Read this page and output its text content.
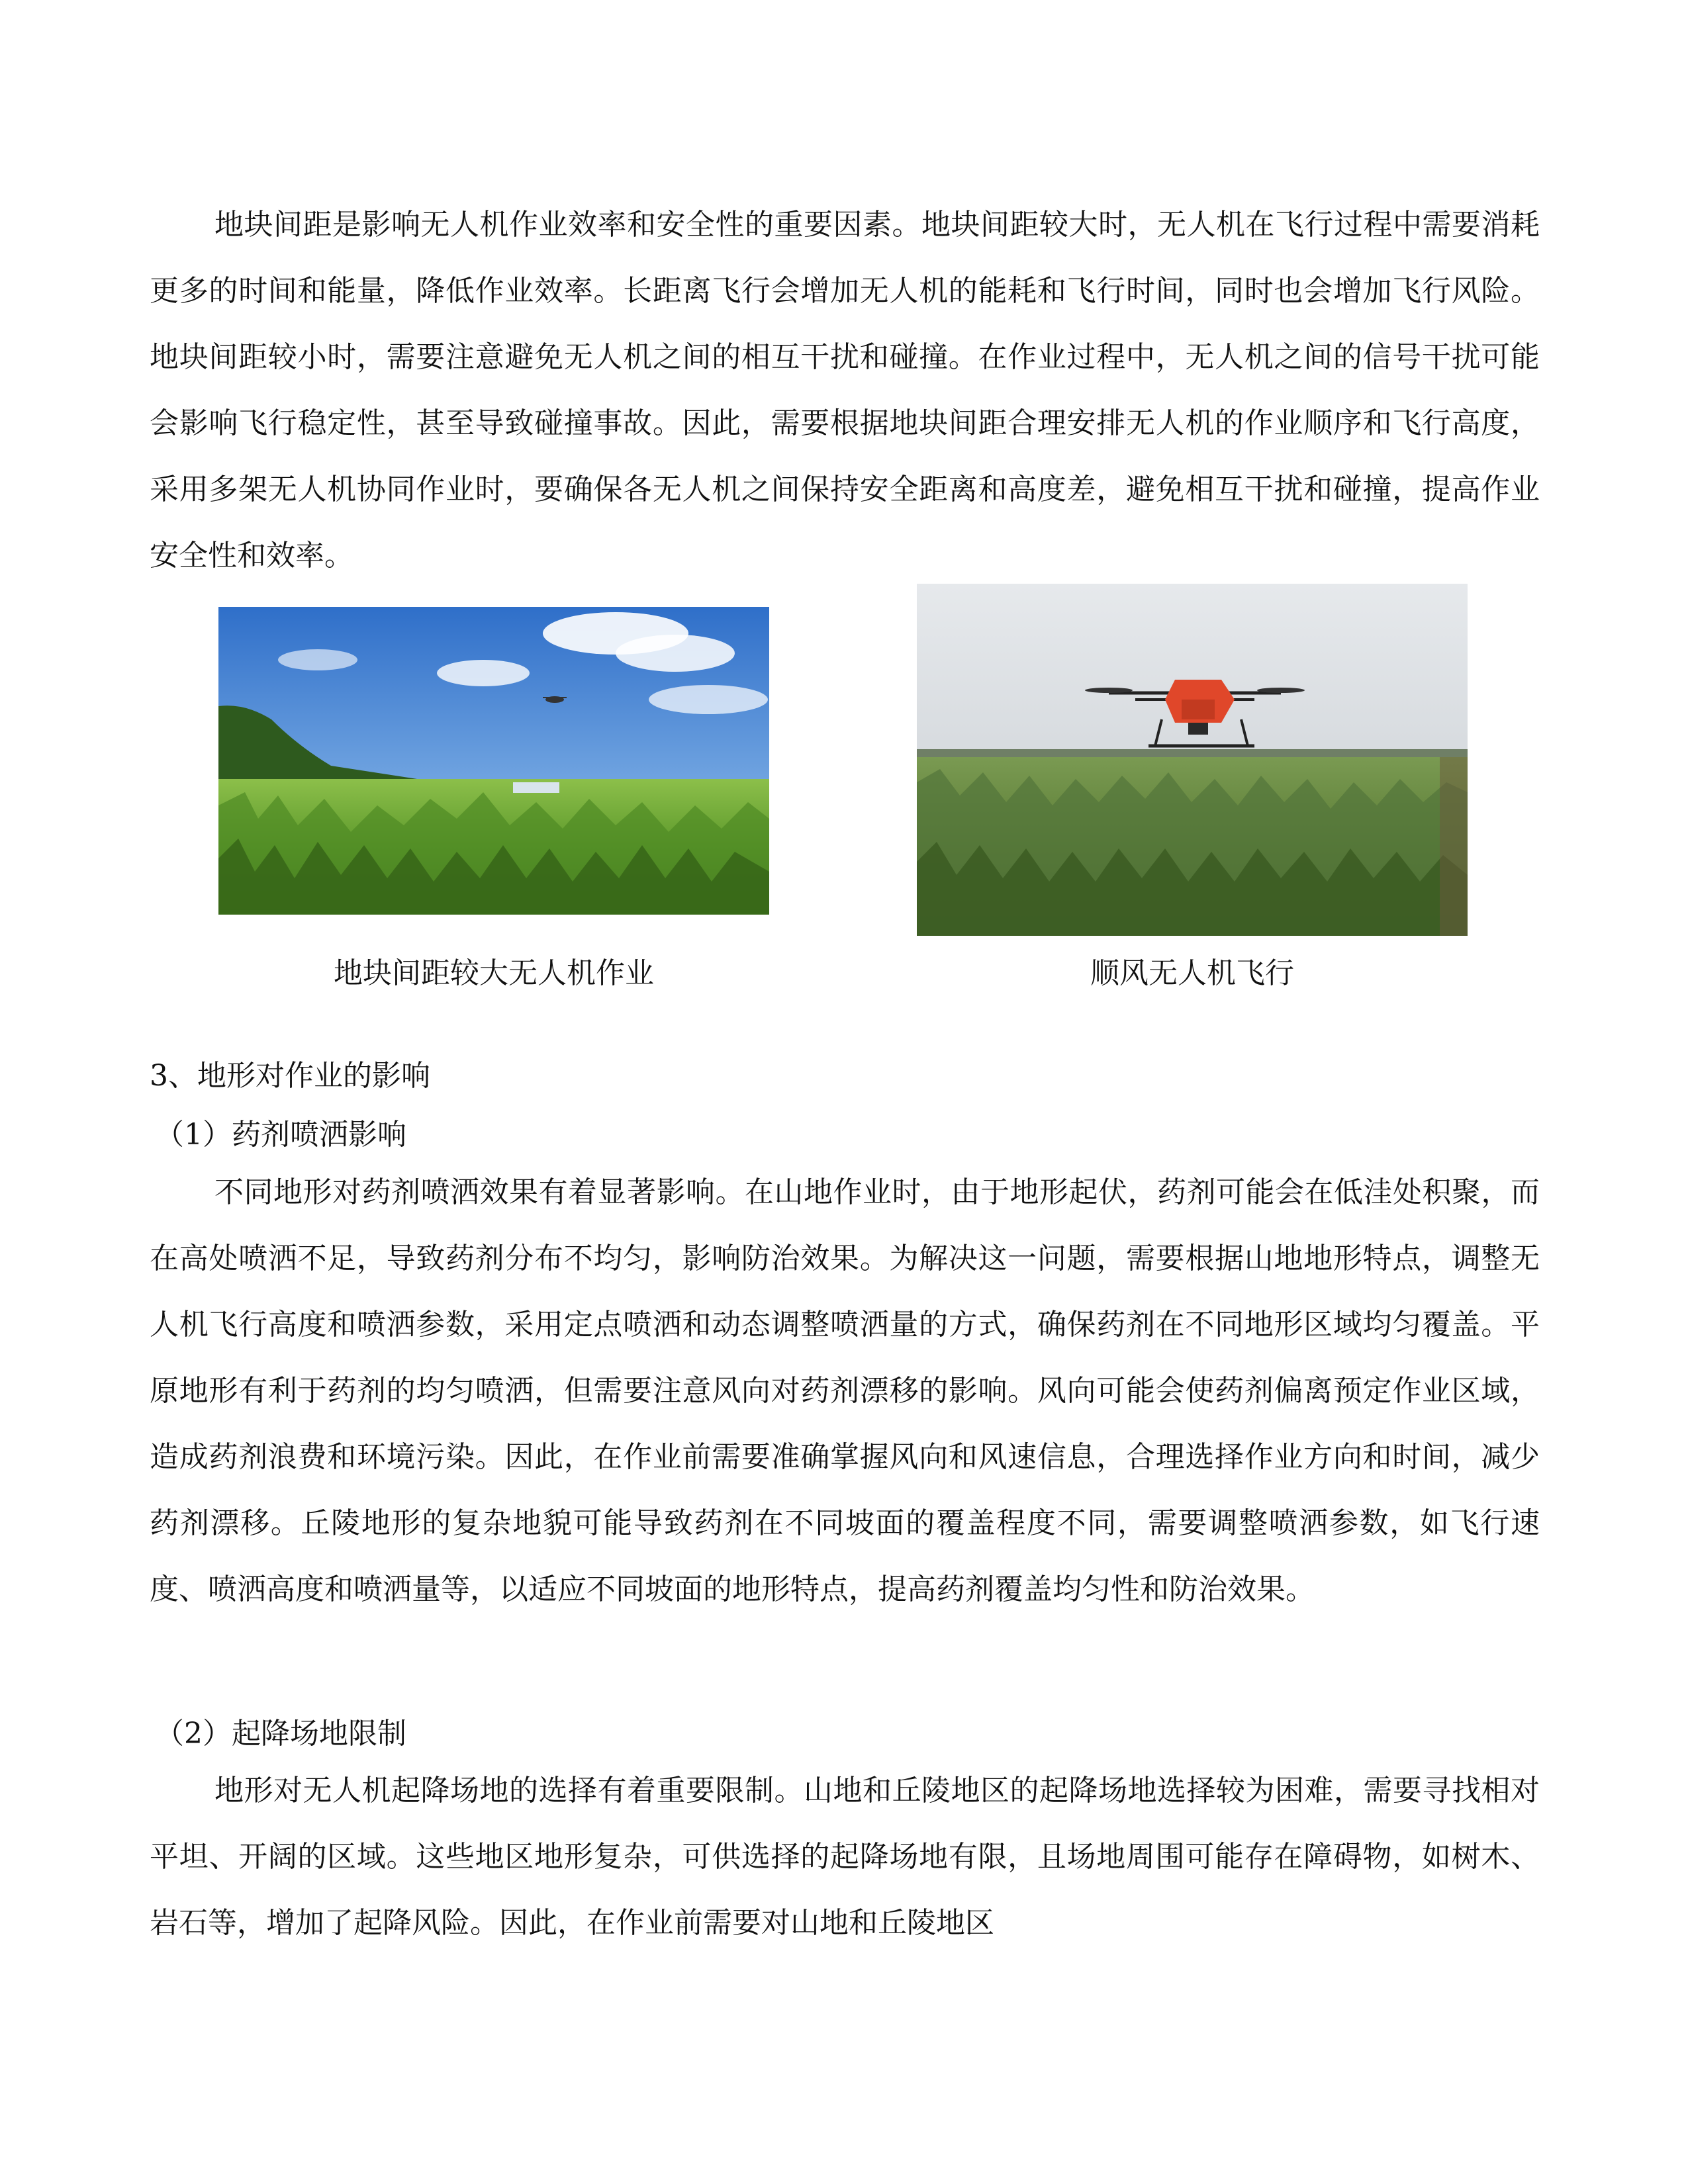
地块间距是影响无人机作业效率和安全性的重要因素。地块间距较大时，无人机在飞行过程中需要消耗更多的时间和能量，降低作业效率。长距离飞行会增加无人机的能耗和飞行时间，同时也会增加飞行风险。地块间距较小时，需要注意避免无人机之间的相互干扰和碰撞。在作业过程中，无人机之间的信号干扰可能会影响飞行稳定性，甚至导致碰撞事故。因此，需要根据地块间距合理安排无人机的作业顺序和飞行高度，采用多架无人机协同作业时，要确保各无人机之间保持安全距离和高度差，避免相互干扰和碰撞，提高作业安全性和效率。

地块间距较大无人机作业	顺风无人机飞行
3、地形对作业的影响
（1）药剂喷洒影响

不同地形对药剂喷洒效果有着显著影响。在山地作业时，由于地形起伏，药剂可能会在低洼处积聚，而在高处喷洒不足，导致药剂分布不均匀，影响防治效果。为解决这一问题，需要根据山地地形特点，调整无人机飞行高度和喷洒参数，采用定点喷洒和动态调整喷洒量的方式，确保药剂在不同地形区域均匀覆盖。平原地形有利于药剂的均匀喷洒，但需要注意风向对药剂漂移的影响。风向可能会使药剂偏离预定作业区域，造成药剂浪费和环境污染。因此，在作业前需要准确掌握风向和风速信息，合理选择作业方向和时间，减少药剂漂移。丘陵地形的复杂地貌可能导致药剂在不同坡面的覆盖程度不同，需要调整喷洒参数，如飞行速度、喷洒高度和喷洒量等，以适应不同坡面的地形特点，提高药剂覆盖均匀性和防治效果。

（2）起降场地限制

地形对无人机起降场地的选择有着重要限制。山地和丘陵地区的起降场地选择较为困难，需要寻找相对平坦、开阔的区域。这些地区地形复杂，可供选择的起降场地有限，且场地周围可能存在障碍物，如树木、岩石等，增加了起降风险。因此，在作业前需要对山地和丘陵地区
